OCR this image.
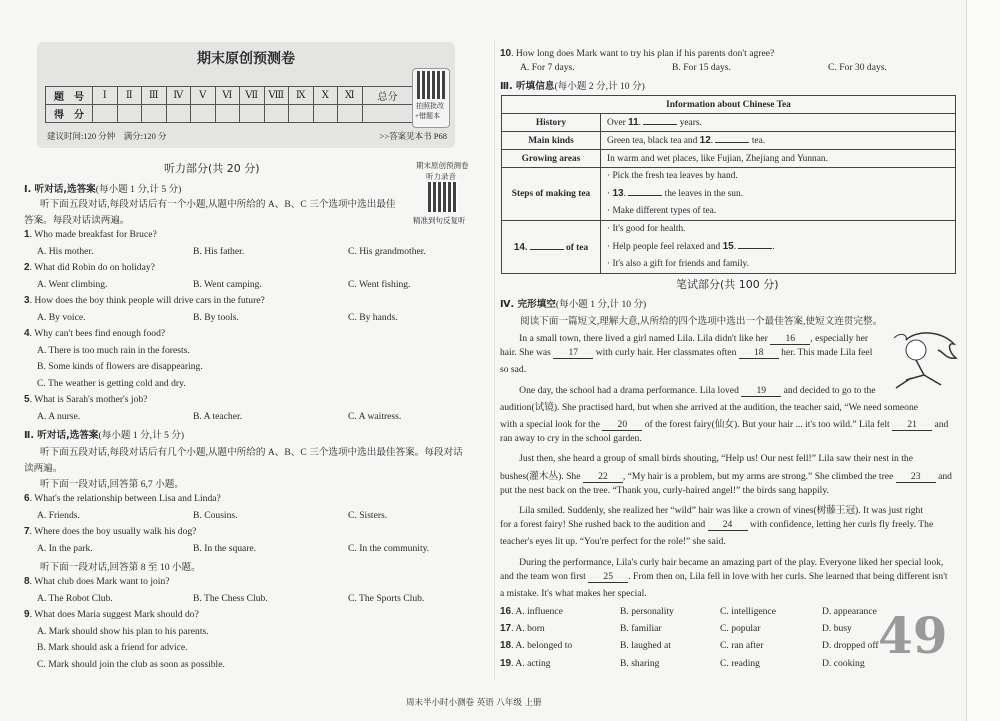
期末原创预测卷
题　号	Ⅰ	Ⅱ	Ⅲ	Ⅳ	Ⅴ	Ⅵ	Ⅶ	Ⅷ	Ⅸ	Ⅹ	Ⅺ	总分
得　分												
建议时间:120 分钟　满分:120 分	>>答案见本书 P68
拍照批改
+错题本
期末原创预测卷
听力录音
精准到句反复听
听力部分(共 20 分)
Ⅰ. 听对话,选答案(每小题 1 分,计 5 分)
听下面五段对话,每段对话后有一个小题,从题中所给的 A、B、C 三个选项中选出最佳
答案。每段对话读两遍。
1. Who made breakfast for Bruce?
A. His mother.	B. His father.	C. His grandmother.
2. What did Robin do on holiday?
A. Went climbing.	B. Went camping.	C. Went fishing.
3. How does the boy think people will drive cars in the future?
A. By voice.	B. By tools.	C. By hands.
4. Why can't bees find enough food?
A. There is too much rain in the forests.
B. Some kinds of flowers are disappearing.
C. The weather is getting cold and dry.
5. What is Sarah's mother's job?
A. A nurse.	B. A teacher.	C. A waitress.
Ⅱ. 听对话,选答案(每小题 1 分,计 5 分)
听下面五段对话,每段对话后有几个小题,从题中所给的 A、B、C 三个选项中选出最佳答案。每段对话
读两遍。
听下面一段对话,回答第 6,7 小题。
6. What's the relationship between Lisa and Linda?
A. Friends.	B. Cousins.	C. Sisters.
7. Where does the boy usually walk his dog?
A. In the park.	B. In the square.	C. In the community.
听下面一段对话,回答第 8 至 10 小题。
8. What club does Mark want to join?
A. The Robot Club.	B. The Chess Club.	C. The Sports Club.
9. What does Maria suggest Mark should do?
A. Mark should show his plan to his parents.
B. Mark should ask a friend for advice.
C. Mark should join the club as soon as possible.
　　In a small town, there lived a girl named Lila. Lila didn't like her 16 , especially her
hair. She was 17 with curly hair. Her classmates often 18 her. This made Lila feel
so sad.
　　One day, the school had a drama performance. Lila loved 19 and decided to go to the
audition(试镜). She practised hard, but when she arrived at the audition, the teacher said, “We need someone
with a special look for the 20 of the forest fairy(仙女). But your hair ... it's too wild.” Lila felt 21 and
ran away to cry in the school garden.
　　Just then, she heard a group of small birds shouting, “Help us! Our nest fell!” Lila saw their nest in the
bushes(灌木丛). She 22 , “My hair is a problem, but my arms are strong.” She climbed the tree 23 and
put the nest back on the tree. “Thank you, curly-haired angel!” the birds sang happily.
　　Lila smiled. Suddenly, she realized her “wild” hair was like a crown of vines(树藤王冠). It was just right
for a forest fairy! She rushed back to the audition and 24 with confidence, letting her curls fly freely. The
teacher's eyes lit up. “You're perfect for the role!” she said.
　　During the performance, Lila's curly hair became an amazing part of the play. Everyone liked her special look,
and the team won first 25 . From then on, Lila fell in love with her curls. She learned that being different isn't
a mistake. It's what makes her special.
16. A. influence	B. personality	C. intelligence	D. appearance
17. A. born	B. familiar	C. popular	D. busy
18. A. belonged to	B. laughed at	C. ran after	D. dropped off
19. A. acting	B. sharing	C. reading	D. cooking
10. How long does Mark want to try his plan if his parents don't agree?
A. For 7 days.	B. For 15 days.	C. For 30 days.
Ⅲ. 听填信息(每小题 2 分,计 10 分)
Information about Chinese Tea	
History	Over 11. years.
Main kinds	Green tea, black tea and 12. tea.
Growing areas	In warm and wet places, like Fujian, Zhejiang and Yunnan.
Steps of making tea	· Pick the fresh tea leaves by hand.
· 13. the leaves in the sun.
· Make different types of tea.

14. of tea	· It's good for health.
· Help people feel relaxed and 15. .
· It's also a gift for friends and family.
笔试部分(共 100 分)
Ⅳ. 完形填空(每小题 1 分,计 10 分)
阅读下面一篇短文,理解大意,从所给的四个选项中选出一个最佳答案,使短文连贯完整。
49
周末半小时小测卷 英语 八年级 上册
